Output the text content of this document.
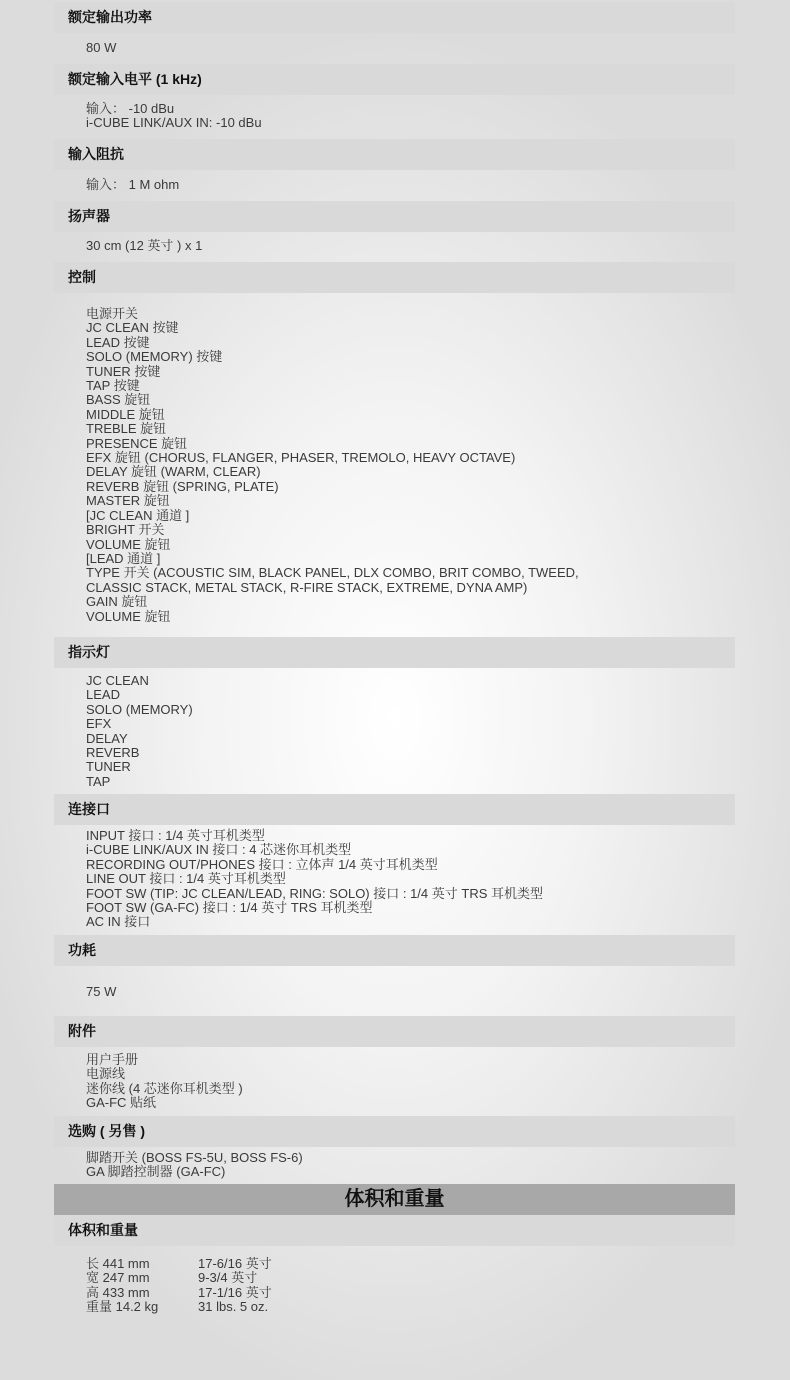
额定输出功率
80 W
额定输入电平 (1 kHz)
输入： -10 dBu
i-CUBE LINK/AUX IN: -10 dBu
输入阻抗
输入： 1 M ohm
扬声器
30 cm (12 英寸 ) x 1
控制
电源开关
JC CLEAN 按键
LEAD 按键
SOLO (MEMORY) 按键
TUNER 按键
TAP 按键
BASS 旋钮
MIDDLE 旋钮
TREBLE 旋钮
PRESENCE 旋钮
EFX 旋钮 (CHORUS, FLANGER, PHASER, TREMOLO, HEAVY OCTAVE)
DELAY 旋钮 (WARM, CLEAR)
REVERB 旋钮 (SPRING, PLATE)
MASTER 旋钮
[JC CLEAN 通道 ]
BRIGHT 开关
VOLUME 旋钮
[LEAD 通道 ]
TYPE 开关 (ACOUSTIC SIM, BLACK PANEL, DLX COMBO, BRIT COMBO, TWEED,
CLASSIC STACK, METAL STACK, R-FIRE STACK, EXTREME, DYNA AMP)
GAIN 旋钮
VOLUME 旋钮
指示灯
JC CLEAN
LEAD
SOLO (MEMORY)
EFX
DELAY
REVERB
TUNER
TAP
连接口
INPUT 接口 : 1/4 英寸耳机类型
i-CUBE LINK/AUX IN 接口 : 4 芯迷你耳机类型
RECORDING OUT/PHONES 接口 : 立体声 1/4 英寸耳机类型
LINE OUT 接口 : 1/4 英寸耳机类型
FOOT SW (TIP: JC CLEAN/LEAD, RING: SOLO) 接口 : 1/4 英寸 TRS 耳机类型
FOOT SW (GA-FC) 接口 : 1/4 英寸 TRS 耳机类型
AC IN 接口
功耗
75 W
附件
用户手册
电源线
迷你线 (4 芯迷你耳机类型 )
GA-FC 贴纸
选购 ( 另售 )
脚踏开关 (BOSS FS-5U, BOSS FS-6)
GA 脚踏控制器 (GA-FC)
体积和重量
体积和重量
长 441 mm
宽 247 mm
高 433 mm
重量 14.2 kg
17-6/16 英寸
9-3/4 英寸
17-1/16 英寸
31 lbs. 5 oz.
